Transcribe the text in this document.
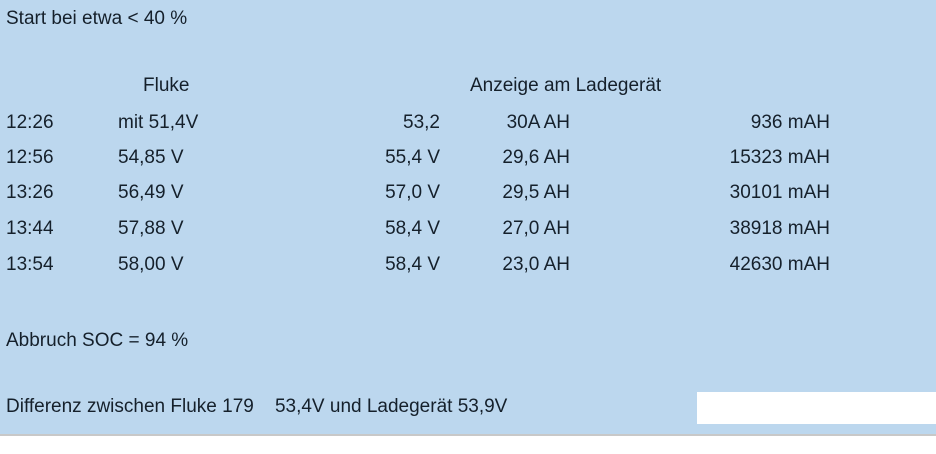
Start bei etwa < 40 %
Fluke	Anzeige am Ladegerät
12:26	mit 51,4V	53,2	30A AH	936 mAH
12:56	54,85 V	55,4 V	29,6 AH	15323 mAH
13:26	56,49 V	57,0 V	29,5 AH	30101 mAH
13:44	57,88 V	58,4 V	27,0 AH	38918 mAH
13:54	58,00 V	58,4 V	23,0 AH	42630 mAH
Abbruch SOC = 94 %
Differenz zwischen Fluke 179    53,4V und Ladegerät 53,9V
